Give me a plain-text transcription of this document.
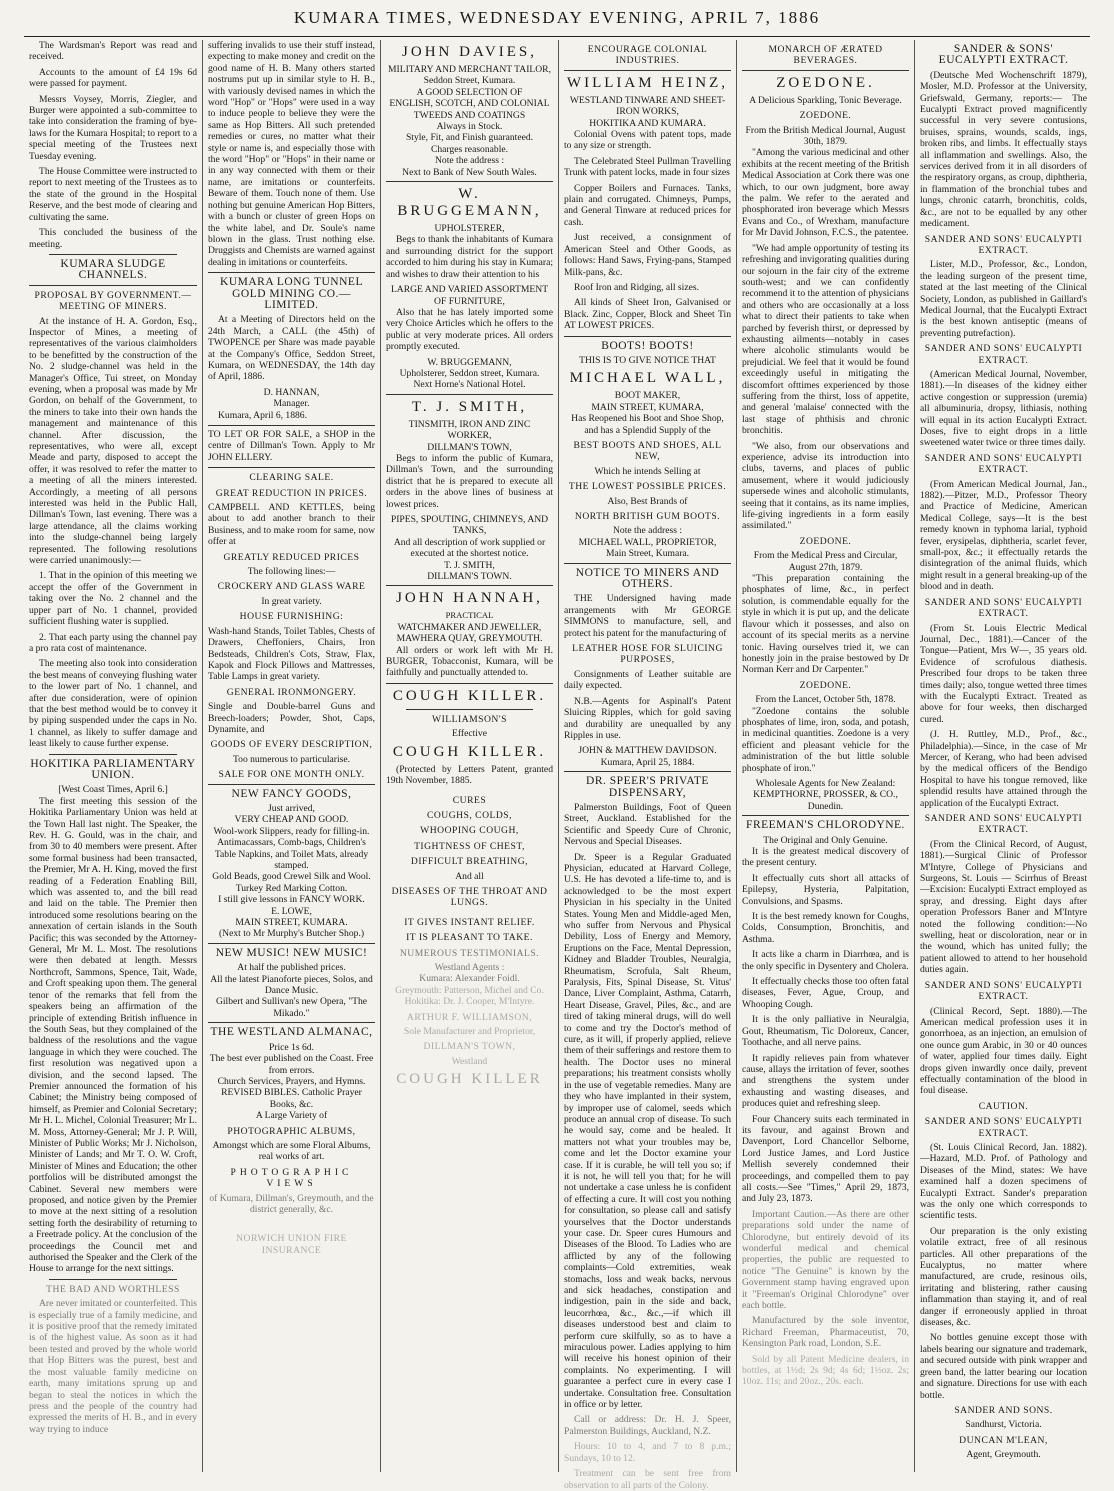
KUMARA TIMES, WEDNESDAY EVENING, APRIL 7, 1886

The Wardsman's Report was read and received.

Accounts to the amount of £4 19s 6d were passed for payment.

Messrs Voysey, Morris, Ziegler, and Burger were appointed a sub-committee to take into consideration the framing of bye-laws for the Kumara Hospital; to report to a special meeting of the Trustees next Tuesday evening.

The House Committee were instructed to report to next meeting of the Trustees as to the state of the ground in the Hospital Reserve, and the best mode of clearing and cultivating the same.

This concluded the business of the meeting.

KUMARA SLUDGE CHANNELS.
PROPOSAL BY GOVERNMENT.— MEETING OF MINERS.

At the instance of H. A. Gordon, Esq., Inspector of Mines, a meeting of representatives of the various claimholders to be benefitted by the construction of the No. 2 sludge-channel was held in the Manager's Office, Tui street, on Monday evening, when a proposal was made by Mr Gordon, on behalf of the Government, to the miners to take into their own hands the management and maintenance of this channel. After discussion, the representatives, who were all, except Meade and party, disposed to accept the offer, it was resolved to refer the matter to a meeting of all the miners interested. Accordingly, a meeting of all persons interested was held in the Public Hall, Dillman's Town, last evening. There was a large attendance, all the claims working into the sludge-channel being largely represented. The following resolutions were carried unanimously:—

1. That in the opinion of this meeting we accept the offer of the Government in taking over the No. 2 channel and the upper part of No. 1 channel, provided sufficient flushing water is supplied.

2. That each party using the channel pay a pro rata cost of maintenance.

The meeting also took into consideration the best means of conveying flushing water to the lower part of No. 1 channel, and after due consideration, were of opinion that the best method would be to convey it by piping suspended under the caps in No. 1 channel, as likely to suffer damage and least likely to cause further expense.

HOKITIKA PARLIAMENTARY UNION.
[West Coast Times, April 6.]

The first meeting this session of the Hokitika Parliamentary Union was held at the Town Hall last night. The Speaker, the Rev. H. G. Gould, was in the chair, and from 30 to 40 members were present. After some formal business had been transacted, the Premier, Mr A. H. King, moved the first reading of a Federation Enabling Bill, which was assented to, and the bill read and laid on the table. The Premier then introduced some resolutions bearing on the annexation of certain islands in the South Pacific; this was seconded by the Attorney-General, Mr M. L. Most. The resolutions were then debated at length. Messrs Northcroft, Sammons, Spence, Tait, Wade, and Croft speaking upon them. The general tenor of the remarks that fell from the speakers being an affirmation of the principle of extending British influence in the South Seas, but they complained of the baldness of the resolutions and the vague language in which they were couched. The first resolution was negatived upon a division, and the second lapsed. The Premier announced the formation of his Cabinet; the Ministry being composed of himself, as Premier and Colonial Secretary; Mr H. L. Michel, Colonial Treasurer; Mr L. M. Moss, Attorney-General; Mr J. P. Will, Minister of Public Works; Mr J. Nicholson, Minister of Lands; and Mr T. O. W. Croft, Minister of Mines and Education; the other portfolios will be distributed amongst the Cabinet. Several new members were proposed, and notice given by the Premier to move at the next sitting of a resolution setting forth the desirability of returning to a Freetrade policy. At the conclusion of the proceedings the Council met and authorised the Speaker and the Clerk of the House to arrange for the next sittings.

THE BAD AND WORTHLESS

Are never imitated or counterfeited. This is especially true of a family medicine, and it is positive proof that the remedy imitated is of the highest value. As soon as it had been tested and proved by the whole world that Hop Bitters was the purest, best and the most valuable family medicine on earth, many imitations sprung up and began to steal the notices in which the press and the people of the country had expressed the merits of H. B., and in every way trying to induce

suffering invalids to use their stuff instead, expecting to make money and credit on the good name of H. B. Many others started nostrums put up in similar style to H. B., with variously devised names in which the word "Hop" or "Hops" were used in a way to induce people to believe they were the same as Hop Bitters. All such pretended remedies or cures, no matter what their style or name is, and especially those with the word "Hop" or "Hops" in their name or in any way connected with them or their name, are imitations or counterfeits. Beware of them. Touch none of them. Use nothing but genuine American Hop Bitters, with a bunch or cluster of green Hops on the white label, and Dr. Soule's name blown in the glass. Trust nothing else. Druggists and Chemists are warned against dealing in imitations or counterfeits.

KUMARA LONG TUNNEL GOLD MINING CO.—LIMITED.

At a Meeting of Directors held on the 24th March, a CALL (the 45th) of TWOPENCE per Share was made payable at the Company's Office, Seddon Street, Kumara, on WEDNESDAY, the 14th day of April, 1886.

D. HANNAN,
Manager.

Kumara, April 6, 1886.

TO LET OR FOR SALE, a SHOP in the centre of Dillman's Town. Apply to Mr JOHN ELLERY.

CLEARING SALE.
GREAT REDUCTION IN PRICES.

CAMPBELL AND KETTLES, being about to add another branch to their Business, and to make room for same, now offer at

GREATLY REDUCED PRICES
The following lines:—
CROCKERY AND GLASS WARE
In great variety.
HOUSE FURNISHING:

Wash-hand Stands, Toilet Tables, Chests of Drawers, Cheffoniers, Chairs, Iron Bedsteads, Children's Cots, Straw, Flax, Kapok and Flock Pillows and Mattresses, Table Lamps in great variety.

GENERAL IRONMONGERY.

Single and Double-barrel Guns and Breech-loaders; Powder, Shot, Caps, Dynamite, and

GOODS OF EVERY DESCRIPTION,
Too numerous to particularise.
SALE FOR ONE MONTH ONLY.
NEW FANCY GOODS,
Just arrived,
VERY CHEAP AND GOOD.
Wool-work Slippers, ready for filling-in.
Antimacassars, Comb-bags, Children's Table Napkins, and Toilet Mats, already stamped.
Gold Beads, good Crewel Silk and Wool. Turkey Red Marking Cotton.
I still give lessons in FANCY WORK.
E. LOWE,
MAIN STREET, KUMARA.
(Next to Mr Murphy's Butcher Shop.)
NEW MUSIC! NEW MUSIC!
At half the published prices.
All the latest Pianoforte pieces, Solos, and Dance Music.
Gilbert and Sullivan's new Opera, "The Mikado."
THE WESTLAND ALMANAC,
Price 1s 6d.
The best ever published on the Coast. Free from errors.
Church Services, Prayers, and Hymns. REVISED BIBLES. Catholic Prayer Books, &c.
A Large Variety of
PHOTOGRAPHIC ALBUMS,
Amongst which are some Floral Albums, real works of art.
PHOTOGRAPHIC VIEWS
of Kumara, Dillman's, Greymouth, and the district generally, &c.
NORWICH UNION FIRE INSURANCE
JOHN DAVIES,
MILITARY AND MERCHANT TAILOR,
Seddon Street, Kumara.
A GOOD SELECTION OF
ENGLISH, SCOTCH, AND COLONIAL TWEEDS AND COATINGS
Always in Stock.
Style, Fit, and Finish guaranteed.
Charges reasonable.
Note the address :
Next to Bank of New South Wales.
W. BRUGGEMANN,
UPHOLSTERER,

Begs to thank the inhabitants of Kumara and surrounding district for the support accorded to him during his stay in Kumara; and wishes to draw their attention to his

LARGE AND VARIED ASSORTMENT OF FURNITURE,

Also that he has lately imported some very Choice Articles which he offers to the public at very moderate prices. All orders promptly executed.

W. BRUGGEMANN,
Upholsterer, Seddon street, Kumara.
Next Horne's National Hotel.
T. J. SMITH,
TINSMITH, IRON AND ZINC WORKER,
DILLMAN'S TOWN,

Begs to inform the public of Kumara, Dillman's Town, and the surrounding district that he is prepared to execute all orders in the above lines of business at lowest prices.

PIPES, SPOUTING, CHIMNEYS, AND TANKS,
And all description of work supplied or executed at the shortest notice.
T. J. SMITH,
DILLMAN'S TOWN.
JOHN HANNAH,
PRACTICAL
WATCHMAKER AND JEWELLER,
MAWHERA QUAY, GREYMOUTH.

All orders or work left with Mr H. BURGER, Tobacconist, Kumara, will be faithfully and punctually attended to.

COUGH KILLER.
WILLIAMSON'S
Effective
COUGH KILLER.

(Protected by Letters Patent, granted 19th November, 1885.

CURES
COUGHS, COLDS,
WHOOPING COUGH,
TIGHTNESS OF CHEST,
DIFFICULT BREATHING,
And all
DISEASES OF THE THROAT AND LUNGS.
IT GIVES INSTANT RELIEF.
IT IS PLEASANT TO TAKE.
NUMEROUS TESTIMONIALS.
Westland Agents :
Kumara: Alexander Foidl.
Greymouth: Patterson, Michel and Co.
Hokitika: Dr. J. Cooper, M'Intyre.
ARTHUR F. WILLIAMSON,
Sole Manufacturer and Proprietor,
DILLMAN'S TOWN,
Westland
COUGH KILLER
ENCOURAGE COLONIAL INDUSTRIES.
WILLIAM HEINZ,
WESTLAND TINWARE AND SHEET-IRON WORKS,
HOKITIKA AND KUMARA.

Colonial Ovens with patent tops, made to any size or strength.

The Celebrated Steel Pullman Travelling Trunk with patent locks, made in four sizes

Copper Boilers and Furnaces. Tanks, plain and corrugated. Chimneys, Pumps, and General Tinware at reduced prices for cash.

Just received, a consignment of American Steel and Other Goods, as follows: Hand Saws, Frying-pans, Stamped Milk-pans, &c.

Roof Iron and Ridging, all sizes.

All kinds of Sheet Iron, Galvanised or Black. Zinc, Copper, Block and Sheet Tin AT LOWEST PRICES.

BOOTS! BOOTS!
THIS IS TO GIVE NOTICE THAT
MICHAEL WALL,
BOOT MAKER,
MAIN STREET, KUMARA,
Has Reopened his Boot and Shoe Shop, and has a Splendid Supply of the
BEST BOOTS AND SHOES, ALL NEW,
Which he intends Selling at
THE LOWEST POSSIBLE PRICES.
Also, Best Brands of
NORTH BRITISH GUM BOOTS.
Note the address :
MICHAEL WALL, PROPRIETOR,
Main Street, Kumara.
NOTICE TO MINERS AND OTHERS.

THE Undersigned having made arrangements with Mr GEORGE SIMMONS to manufacture, sell, and protect his patent for the manufacturing of

LEATHER HOSE FOR SLUICING PURPOSES,

Consignments of Leather suitable are daily expected.

N.B.—Agents for Aspinall's Patent Sluicing Ripples, which for gold saving and durability are unequalled by any Ripples in use.

JOHN & MATTHEW DAVIDSON.
Kumara, April 25, 1884.
DR. SPEER'S PRIVATE DISPENSARY,

Palmerston Buildings, Foot of Queen Street, Auckland. Established for the Scientific and Speedy Cure of Chronic, Nervous and Special Diseases.

Dr. Speer is a Regular Graduated Physician, educated at Harvard College, U.S. He has devoted a life-time to, and is acknowledged to be the most expert Physician in his specialty in the United States. Young Men and Middle-aged Men, who suffer from Nervous and Physical Debility, Loss of Energy and Memory, Eruptions on the Face, Mental Depression, Kidney and Bladder Troubles, Neuralgia, Rheumatism, Scrofula, Salt Rheum, Paralysis, Fits, Spinal Disease, St. Vitus' Dance, Liver Complaint, Asthma, Catarrh, Heart Disease, Gravel, Piles, &c., and are tired of taking mineral drugs, will do well to come and try the Doctor's method of cure, as it will, if properly applied, relieve them of their sufferings and restore them to health. The Doctor uses no mineral preparations; his treatment consists wholly in the use of vegetable remedies. Many are they who have implanted in their system, by improper use of calomel, seeds which produce an annual crop of disease. To such he would say, come and be healed. It matters not what your troubles may be, come and let the Doctor examine your case. If it is curable, he will tell you so; if it is not, he will tell you that; for he will not undertake a case unless he is confident of effecting a cure. It will cost you nothing for consultation, so please call and satisfy yourselves that the Doctor understands your case. Dr. Speer cures Humours and Diseases of the Blood. To Ladies who are afflicted by any of the following complaints—Cold extremities, weak stomachs, loss and weak backs, nervous and sick headaches, constipation and indigestion, pain in the side and back, leucorrhœa, &c., &c.,—if which ill diseases understood best and claim to perform cure skilfully, so as to have a miraculous power. Ladies applying to him will receive his honest opinion of their complaints. No experimenting. I will guarantee a perfect cure in every case I undertake. Consultation free. Consultation in office or by letter.

Call or address: Dr. H. J. Speer, Palmerston Buildings, Auckland, N.Z.

Hours: 10 to 4, and 7 to 8 p.m.; Sundays, 10 to 12.

Treatment can be sent free from observation to all parts of the Colony.

MONARCH OF ÆRATED BEVERAGES.
ZOEDONE.
A Delicious Sparkling, Tonic Beverage.
ZOEDONE.
From the British Medical Journal, August 30th, 1879.

"Among the various medicinal and other exhibits at the recent meeting of the British Medical Association at Cork there was one which, to our own judgment, bore away the palm. We refer to the aerated and phosphorated iron beverage which Messrs Evans and Co., of Wrexham, manufacture for Mr David Johnson, F.C.S., the patentee.

"We had ample opportunity of testing its refreshing and invigorating qualities during our sojourn in the fair city of the extreme south-west; and we can confidently recommend it to the attention of physicians and others who are occasionally at a loss what to direct their patients to take when parched by feverish thirst, or depressed by exhausting ailments—notably in cases where alcoholic stimulants would be prejudicial. We feel that it would be found exceedingly useful in mitigating the discomfort ofttimes experienced by those suffering from the thirst, loss of appetite, and general 'malaise' connected with the last stage of phthisis and chronic bronchitis.

"We also, from our observations and experience, advise its introduction into clubs, taverns, and places of public amusement, where it would judiciously supersede wines and alcoholic stimulants, seeing that it contains, as its name implies, life-giving ingredients in a form easily assimilated."

ZOEDONE.
From the Medical Press and Circular, August 27th, 1879.

"This preparation containing the phosphates of lime, &c., in perfect solution, is commendable equally for the style in which it is put up, and the delicate flavour which it possesses, and also on account of its special merits as a nervine tonic. Having ourselves tried it, we can honestly join in the praise bestowed by Dr Norman Kerr and Dr Carpenter."

ZOEDONE.
From the Lancet, October 5th, 1878.

"Zoedone contains the soluble phosphates of lime, iron, soda, and potash, in medicinal quantities. Zoedone is a very efficient and pleasant vehicle for the administration of the but little soluble phosphate of iron."

Wholesale Agents for New Zealand:
KEMPTHORNE, PROSSER, & CO., Dunedin.
FREEMAN'S CHLORODYNE.
The Original and Only Genuine.

It is the greatest medical discovery of the present century.

It effectually cuts short all attacks of Epilepsy, Hysteria, Palpitation, Convulsions, and Spasms.

It is the best remedy known for Coughs, Colds, Consumption, Bronchitis, and Asthma.

It acts like a charm in Diarrhœa, and is the only specific in Dysentery and Cholera.

It effectually checks those too often fatal diseases, Fever, Ague, Croup, and Whooping Cough.

It is the only palliative in Neuralgia, Gout, Rheumatism, Tic Doloreux, Cancer, Toothache, and all nerve pains.

It rapidly relieves pain from whatever cause, allays the irritation of fever, soothes and strengthens the system under exhausting and wasting diseases, and produces quiet and refreshing sleep.

Four Chancery suits each terminated in its favour, and against Brown and Davenport, Lord Chancellor Selborne, Lord Justice James, and Lord Justice Mellish severely condemned their proceedings, and compelled them to pay all costs.—See "Times," April 29, 1873, and July 23, 1873.

Important Caution.—As there are other preparations sold under the name of Chlorodyne, but entirely devoid of its wonderful medical and chemical properties, the public are requested to notice "The Genuine" is known by the Government stamp having engraved upon it "Freeman's Original Chlorodyne" over each bottle.

Manufactured by the sole inventor, Richard Freeman, Pharmaceutist, 70, Kensington Park road, London, S.E.

Sold by all Patent Medicine dealers, in bottles, at 1½d; 2s 9d; 4s 6d; 1½oz. 2s; 10oz. 11s; and 20oz., 20s. each.

SANDER & SONS' EUCALYPTI EXTRACT.

(Deutsche Med Wochenschrift 1879), Mosler, M.D. Professor at the University, Griefswald, Germany, reports:— The Eucalypti Extract proved magnificently successful in very severe contusions, bruises, sprains, wounds, scalds, ings, broken ribs, and limbs. It effectually stays all inflammation and swellings. Also, the services derived from it in all disorders of the respiratory organs, as croup, diphtheria, in flammation of the bronchial tubes and lungs, chronic catarrh, bronchitis, colds, &c., are not to be equalled by any other medicament.

SANDER AND SONS' EUCALYPTI EXTRACT.

Lister, M.D., Professor, &c., London, the leading surgeon of the present time, stated at the last meeting of the Clinical Society, London, as published in Gaillard's Medical Journal, that the Eucalypti Extract is the best known antiseptic (means of preventing putrefaction).

SANDER AND SONS' EUCALYPTI EXTRACT.

(American Medical Journal, November, 1881).—In diseases of the kidney either active congestion or suppression (uremia) all albuminuria, dropsy, lithiasis, nothing will equal in its action Eucalypti Extract. Doses, five to eight drops in a little sweetened water twice or three times daily.

SANDER AND SONS' EUCALYPTI EXTRACT.

(From American Medical Journal, Jan., 1882).—Pitzer, M.D., Professor Theory and Practice of Medicine, American Medical College, says—It is the best remedy known in typhoma larial, typhoid fever, erysipelas, diphtheria, scarlet fever, small-pox, &c.; it effectually retards the disintegration of the animal fluids, which might result in a general breaking-up of the blood and in death.

SANDER AND SONS' EUCALYPTI EXTRACT.

(From St. Louis Electric Medical Journal, Dec., 1881).—Cancer of the Tongue—Patient, Mrs W—, 35 years old. Evidence of scrofulous diathesis. Prescribed four drops to be taken three times daily; also, tongue wetted three times with the Eucalypti Extract. Treated as above for four weeks, then discharged cured.

(J. H. Ruttley, M.D., Prof., &c., Philadelphia).—Since, in the case of Mr Mercer, of Kerang, who had been advised by the medical officers of the Bendigo Hospital to have his tongue removed, like splendid results have attained through the application of the Eucalypti Extract.

SANDER AND SONS' EUCALYPTI EXTRACT.

(From the Clinical Record, of August, 1881).—Surgical Clinic of Professor M'Intyre, College of Physicians and Surgeons, St. Louis — Scirrhus of Breast—Excision: Eucalypti Extract employed as spray, and dressing. Eight days after operation Professors Baner and M'Intyre noted the following condition:—No swelling, heat or discoloration, near or in the wound, which has united fully; the patient allowed to attend to her household duties again.

SANDER AND SONS' EUCALYPTI EXTRACT.

(Clinical Record, Sept. 1880).—The American medical profession uses it in gonorrhoea, as an injection, an emulsion of one ounce gum Arabic, in 30 or 40 ounces of water, applied four times daily. Eight drops given inwardly once daily, prevent effectually contamination of the blood in foul disease.

CAUTION.
SANDER AND SONS' EUCALYPTI EXTRACT.

(St. Louis Clinical Record, Jan. 1882).—Hazard, M.D. Prof. of Pathology and Diseases of the Mind, states: We have examined half a dozen specimens of Eucalypti Extract. Sander's preparation was the only one which corresponds to scientific tests.

Our preparation is the only existing volatile extract, free of all resinous particles. All other preparations of the Eucalyptus, no matter where manufactured, are crude, resinous oils, irritating and blistering, rather causing inflammation than staying it, and of real danger if erroneously applied in throat diseases, &c.

No bottles genuine except those with labels bearing our signature and trademark, and secured outside with pink wrapper and green band, the latter bearing our location and signature. Directions for use with each bottle.

SANDER AND SONS.
Sandhurst, Victoria.
DUNCAN M'LEAN,
Agent, Greymouth.
